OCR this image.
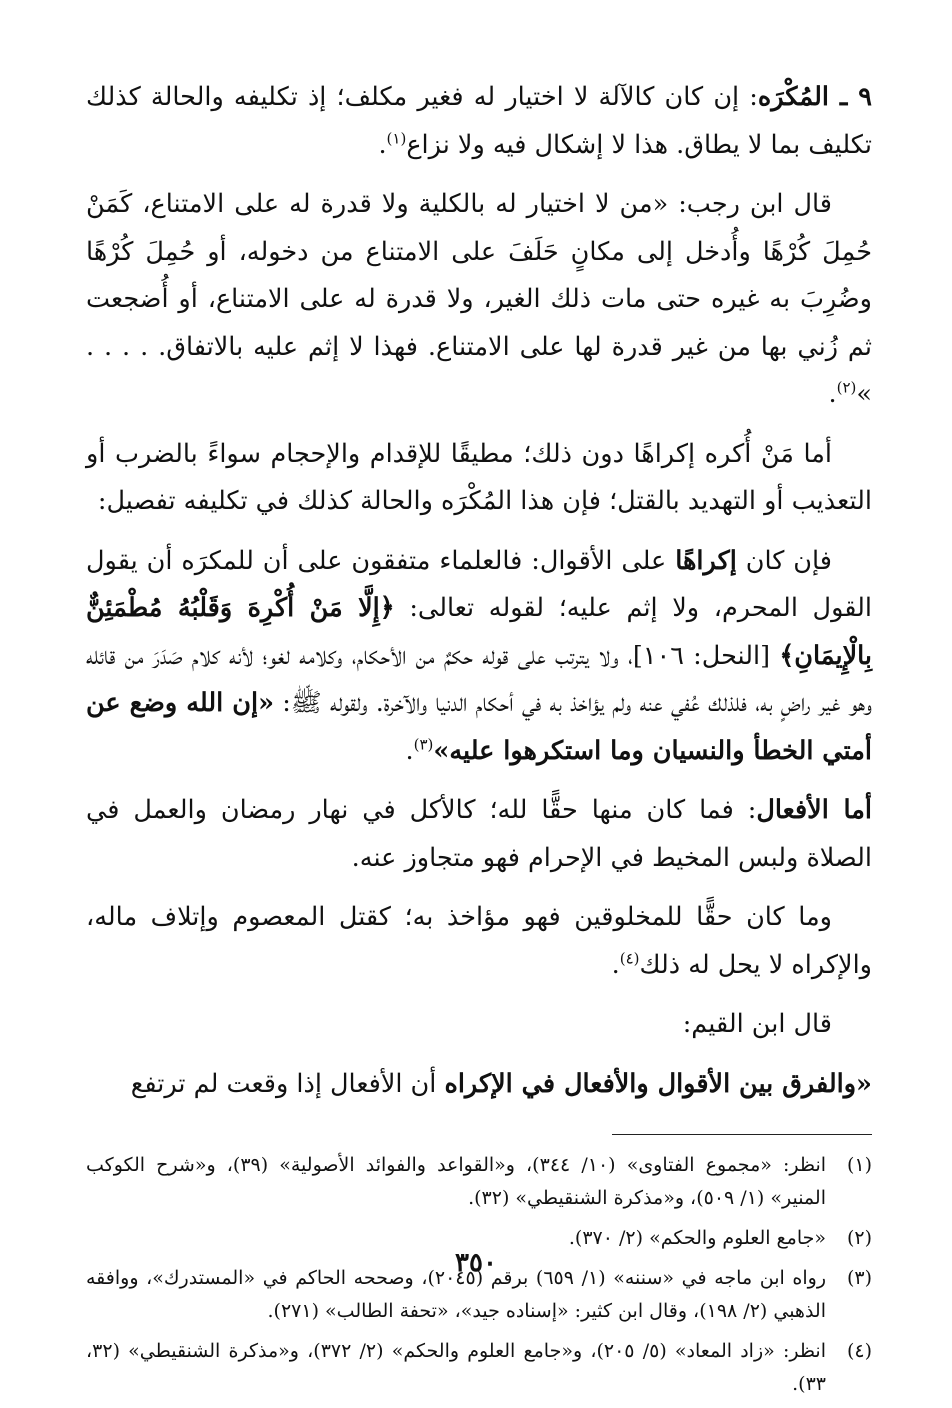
٩ ـ المُكْرَه: إن كان كالآلة لا اختيار له فغير مكلف؛ إذ تكليفه والحالة كذلك تكليف بما لا يطاق. هذا لا إشكال فيه ولا نزاع$^{(١)}$.

قال ابن رجب: «من لا اختيار له بالكلية ولا قدرة له على الامتناع، كَمَنْ حُمِلَ كُرْهًا وأُدخل إلى مكانٍ حَلَفَ على الامتناع من دخوله، أو حُمِلَ كُرْهًا وضُرِبَ به غيره حتى مات ذلك الغير، ولا قدرة له على الامتناع، أو أُضجعت ثم زُني بها من غير قدرة لها على الامتناع. فهذا لا إثم عليه بالاتفاق. . . . . »$^{(٢)}$.

أما مَنْ أُكره إكراهًا دون ذلك؛ مطيقًا للإقدام والإحجام سواءً بالضرب أو التعذيب أو التهديد بالقتل؛ فإن هذا المُكْرَه والحالة كذلك في تكليفه تفصيل:

فإن كان إكراهًا على الأقوال: فالعلماء متفقون على أن للمكرَه أن يقول القول المحرم، ولا إثم عليه؛ لقوله تعالى: ﴿إِلَّا مَنْ أُكْرِهَ وَقَلْبُهُ مُطْمَئِنٌّ بِالْإِيمَانِ﴾ [النحل: ١٠٦]، ولا يترتب على قوله حكمٌ من الأحكام، وكلامه لغو؛ لأنه كلام صَدَرَ من قائله وهو غير راضٍ به، فلذلك عُفي عنه ولم يؤاخذ به في أحكام الدنيا والآخرة. ولقوله ﷺ: «إن الله وضع عن أمتي الخطأ والنسيان وما استكرهوا عليه»$^{(٣)}$.

أما الأفعال: فما كان منها حقًّا لله؛ كالأكل في نهار رمضان والعمل في الصلاة ولبس المخيط في الإحرام فهو متجاوز عنه.

وما كان حقًّا للمخلوقين فهو مؤاخذ به؛ كقتل المعصوم وإتلاف ماله، والإكراه لا يحل له ذلك$^{(٤)}$.

قال ابن القيم:

«والفرق بين الأقوال والأفعال في الإكراه أن الأفعال إذا وقعت لم ترتفع

(١)
انظر: «مجموع الفتاوى» (١٠/ ٣٤٤)، و«القواعد والفوائد الأصولية» (٣٩)، و«شرح الكوكب المنير» (١/ ٥٠٩)، و«مذكرة الشنقيطي» (٣٢).
(٢)
«جامع العلوم والحكم» (٢/ ٣٧٠).
(٣)
رواه ابن ماجه في «سننه» (١/ ٦٥٩) برقم (٢٠٤٥)، وصححه الحاكم في «المستدرك»، ووافقه الذهبي (٢/ ١٩٨)، وقال ابن كثير: «إسناده جيد»، «تحفة الطالب» (٢٧١).
(٤)
انظر: «زاد المعاد» (٥/ ٢٠٥)، و«جامع العلوم والحكم» (٢/ ٣٧٢)، و«مذكرة الشنقيطي» (٣٢، ٣٣).
٣٥٠
